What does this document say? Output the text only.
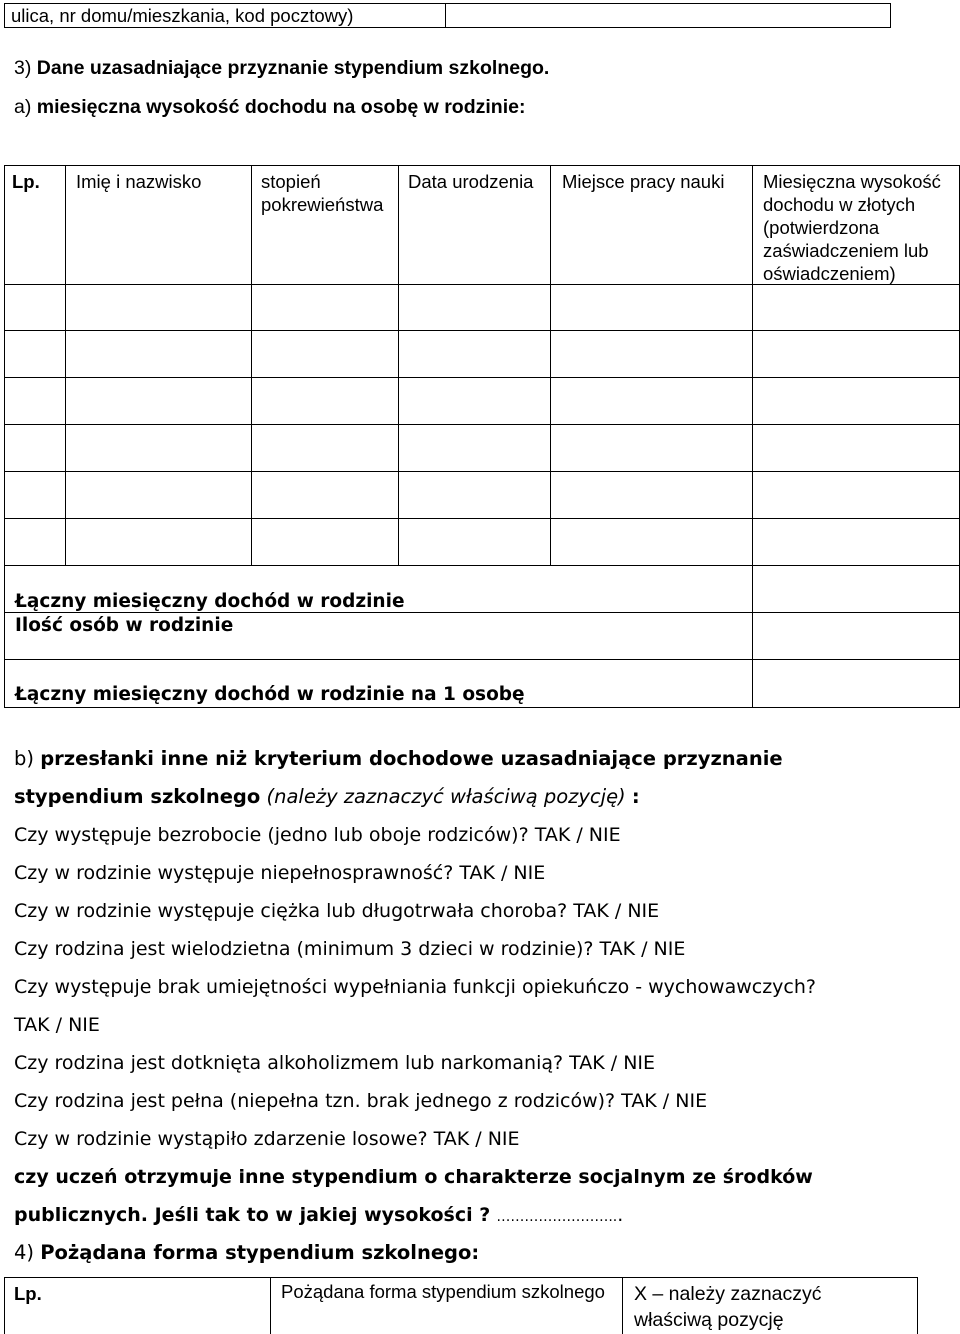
ulica, nr domu/mieszkania, kod pocztowy)
3) Dane uzasadniające przyznanie stypendium szkolnego.
a) miesięczna wysokość dochodu na osobę w rodzinie:
Lp. Imię i nazwisko	stopień
pokrewieństwa
Data urodzenia Miejsce pracy nauki Miesięczna wysokość
dochodu w złotych
(potwierdzona
zaświadczeniem lub
oświadczeniem)
Łączny miesięczny dochód w rodzinie
Ilość osób w rodzinie
Łączny miesięczny dochód w rodzinie na 1 osobę
b) przesłanki inne niż kryterium dochodowe uzasadniające przyznanie
stypendium szkolnego (należy zaznaczyć właściwą pozycję) :
Czy występuje bezrobocie (jedno lub oboje rodziców)? TAK / NIE
Czy w rodzinie występuje niepełnosprawność? TAK / NIE
Czy w rodzinie występuje ciężka lub długotrwała choroba? TAK / NIE
Czy rodzina jest wielodzietna (minimum 3 dzieci w rodzinie)? TAK / NIE
Czy występuje brak umiejętności wypełniania funkcji opiekuńczo - wychowawczych?
TAK / NIE
Czy rodzina jest dotknięta alkoholizmem lub narkomanią? TAK / NIE
Czy rodzina jest pełna (niepełna tzn. brak jednego z rodziców)? TAK / NIE
Czy w rodzinie wystąpiło zdarzenie losowe? TAK / NIE
czy uczeń otrzymuje inne stypendium o charakterze socjalnym ze środków
publicznych. Jeśli tak to w jakiej wysokości ? ……………………...
4) Pożądana forma stypendium szkolnego:
Lp.	Pożądana forma stypendium szkolnego X – należy zaznaczyć
właściwą pozycję
